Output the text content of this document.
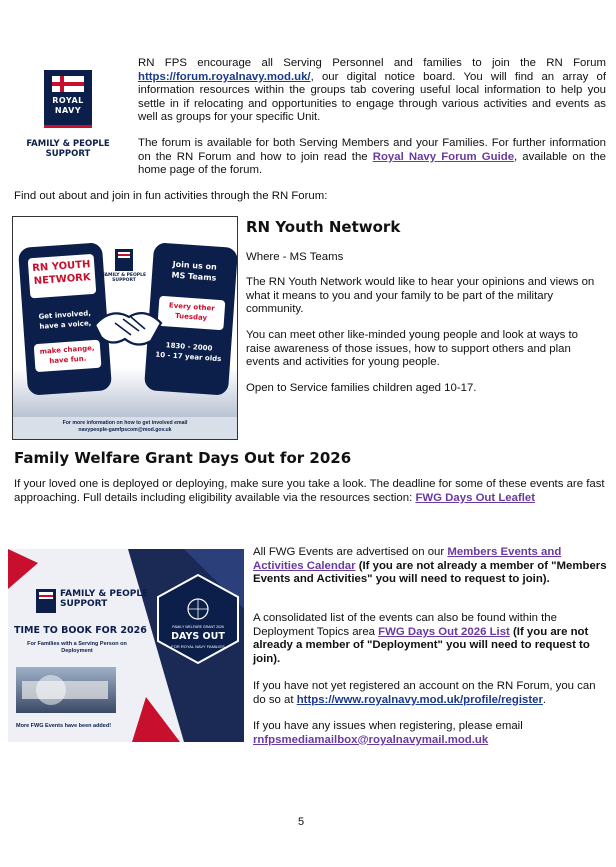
ROYAL
NAVY
FAMILY & PEOPLE
SUPPORT
RN FPS encourage all Serving Personnel and families to join the RN Forum https://forum.royalnavy.mod.uk/, our digital notice board. You will find an array of information resources within the groups tab covering useful local information to help you settle in if relocating and opportunities to engage through various activities and events as well as groups for your specific Unit.
The forum is available for both Serving Members and your Families. For further information on the RN Forum and how to join read the Royal Navy Forum Guide, available on the home page of the forum.
Find out about and join in fun activities through the RN Forum:
RN YOUTH
NETWORK
Get involved,
have a voice,
make change,
have fun.
FAMILY & PEOPLE SUPPORT
Join us on
MS Teams
Every other
Tuesday
1830 - 2000
10 - 17 year olds
For more information on how to get involved email
navypeople-gamfpscom@mod.gov.uk
RN Youth Network
Where - MS Teams
The RN Youth Network would like to hear your opinions and views on what it means to you and your family to be part of the military community.
You can meet other like-minded young people and look at ways to raise awareness of those issues, how to support others and plan events and activities for young people.
Open to Service families children aged 10-17.
Family Welfare Grant Days Out for 2026
If your loved one is deployed or deploying, make sure you take a look. The deadline for some of these events are fast approaching. Full details including eligibility available via the resources section: FWG Days Out Leaflet
FAMILY & PEOPLE
SUPPORT
TIME TO BOOK FOR 2026
For Families with a Serving Person on
Deployment
More FWG Events have been added!
FAMILY WELFARE GRANT 2026
DAYS OUT
FOR ROYAL NAVY FAMILIES
All FWG Events are advertised on our Members Events and Activities Calendar (If you are not already a member of "Members Events and Activities" you will need to request to join).
A consolidated list of the events can also be found within the Deployment Topics area FWG Days Out 2026 List (If you are not already a member of "Deployment" you will need to request to join).
If you have not yet registered an account on the RN Forum, you can do so at https://www.royalnavy.mod.uk/profile/register.
If you have any issues when registering, please email
rnfpsmediamailbox@royalnavymail.mod.uk
5
